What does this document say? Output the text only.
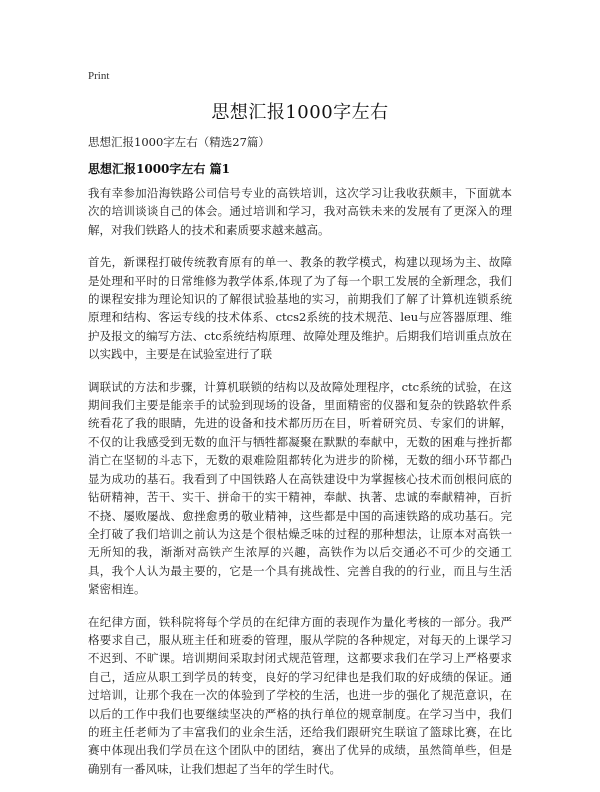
Print
思想汇报1000字左右
思想汇报1000字左右（精选27篇）
思想汇报1000字左右 篇1

我有幸参加沿海铁路公司信号专业的高铁培训，这次学习让我收获颇丰，下面就本次的培训谈谈自己的体会。通过培训和学习，我对高铁未来的发展有了更深入的理解，对我们铁路人的技术和素质要求越来越高。

首先，新课程打破传统教育原有的单一、教条的教学模式，构建以现场为主、故障是处理和平时的日常维修为教学体系,体现了为了每一个职工发展的全新理念，我们的课程安排为理论知识的了解很试验基地的实习，前期我们了解了计算机连锁系统原理和结构、客运专线的技术体系、ctcs2系统的技术规范、leu与应答器原理、维护及报文的编写方法、ctc系统结构原理、故障处理及维护。后期我们培训重点放在以实践中，主要是在试验室进行了联

调联试的方法和步骤，计算机联锁的结构以及故障处理程序，ctc系统的试验，在这期间我们主要是能亲手的试验到现场的设备，里面精密的仪器和复杂的铁路软件系统看花了我的眼睛，先进的设备和技术都历历在目，听着研究员、专家们的讲解，不仅的让我感受到无数的血汗与牺牲都凝聚在默默的奉献中，无数的困难与挫折都消亡在坚韧的斗志下，无数的艰难险阻都转化为进步的阶梯，无数的细小环节都凸显为成功的基石。我看到了中国铁路人在高铁建设中为掌握核心技术而创根问底的钻研精神，苦干、实干、拼命干的实干精神，奉献、执著、忠诚的奉献精神，百折不挠、屡败屡战、愈挫愈勇的敬业精神，这些都是中国的高速铁路的成功基石。完全打破了我们培训之前认为这是个很枯燥乏味的过程的那种想法，让原本对高铁一无所知的我，渐渐对高铁产生浓厚的兴趣，高铁作为以后交通必不可少的交通工具，我个人认为最主要的，它是一个具有挑战性、完善自我的的行业，而且与生活紧密相连。

在纪律方面，铁科院将每个学员的在纪律方面的表现作为量化考核的一部分。我严格要求自己，服从班主任和班委的管理，服从学院的各种规定，对每天的上课学习不迟到、不旷课。培训期间采取封闭式规范管理，这都要求我们在学习上严格要求自己，适应从职工到学员的转变，良好的学习纪律也是我们取的好成绩的保证。通过培训，让那个我在一次的体验到了学校的生活，也进一步的强化了规范意识，在以后的工作中我们也要继续坚决的严格的执行单位的规章制度。在学习当中，我们的班主任老师为了丰富我们的业余生活，还给我们跟研究生联谊了篮球比赛，在比赛中体现出我们学员在这个团队中的团结，赛出了优异的成绩，虽然简单些，但是确别有一番风味，让我们想起了当年的学生时代。
